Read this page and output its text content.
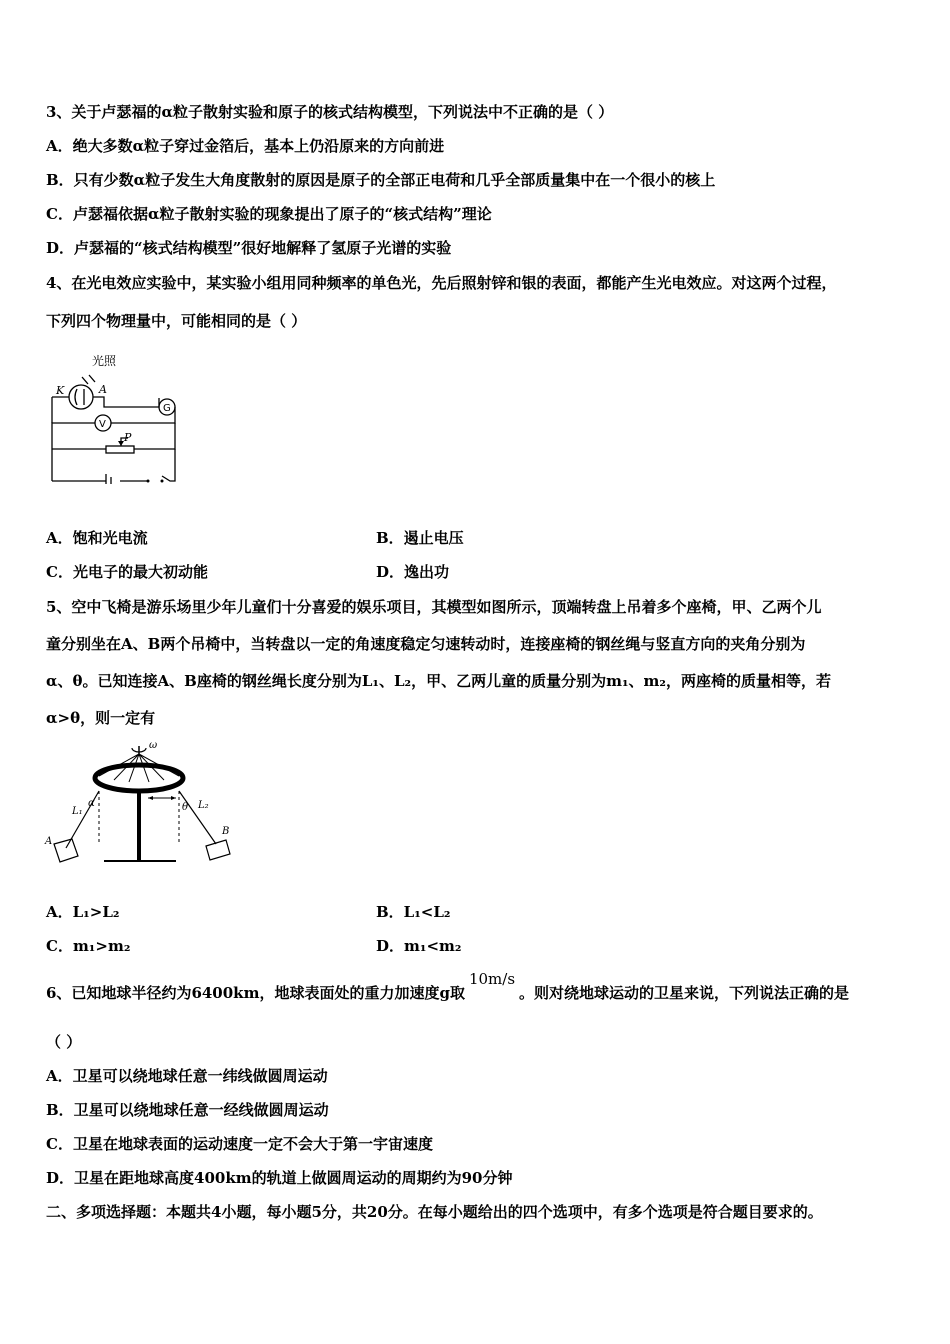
3、关于卢瑟福的α粒子散射实验和原子的核式结构模型，下列说法中不正确的是（ ）
A．绝大多数α粒子穿过金箔后，基本上仍沿原来的方向前进
B．只有少数α粒子发生大角度散射的原因是原子的全部正电荷和几乎全部质量集中在一个很小的核上
C．卢瑟福依据α粒子散射实验的现象提出了原子的“核式结构”理论
D．卢瑟福的“核式结构模型”很好地解释了氢原子光谱的实验
4、在光电效应实验中，某实验小组用同种频率的单色光，先后照射锌和银的表面，都能产生光电效应。对这两个过程，
下列四个物理量中，可能相同的是（ ）
光照
K	A
G
V
P
A．饱和光电流	B．遏止电压
C．光电子的最大初动能	D．逸出功
5、空中飞椅是游乐场里少年儿童们十分喜爱的娱乐项目，其模型如图所示，顶端转盘上吊着多个座椅，甲、乙两个儿
童分别坐在A、B两个吊椅中，当转盘以一定的角速度稳定匀速转动时，连接座椅的钢丝绳与竖直方向的夹角分别为
α、θ。已知连接A、B座椅的钢丝绳长度分别为L₁、L₂，甲、乙两儿童的质量分别为m₁、m₂，两座椅的质量相等，若
α>θ，则一定有
ω
L₁
α	θ L₂
A
B
A．L₁>L₂	B．L₁<L₂
C．m₁>m₂	D．m₁<m₂
6、已知地球半径约为6400km，地球表面处的重力加速度g取10m/s。则对绕地球运动的卫星来说，下列说法正确的是
（ ）
A．卫星可以绕地球任意一纬线做圆周运动
B．卫星可以绕地球任意一经线做圆周运动
C．卫星在地球表面的运动速度一定不会大于第一宇宙速度
D．卫星在距地球高度400km的轨道上做圆周运动的周期约为90分钟
二、多项选择题：本题共4小题，每小题5分，共20分。在每小题给出的四个选项中，有多个选项是符合题目要求的。
